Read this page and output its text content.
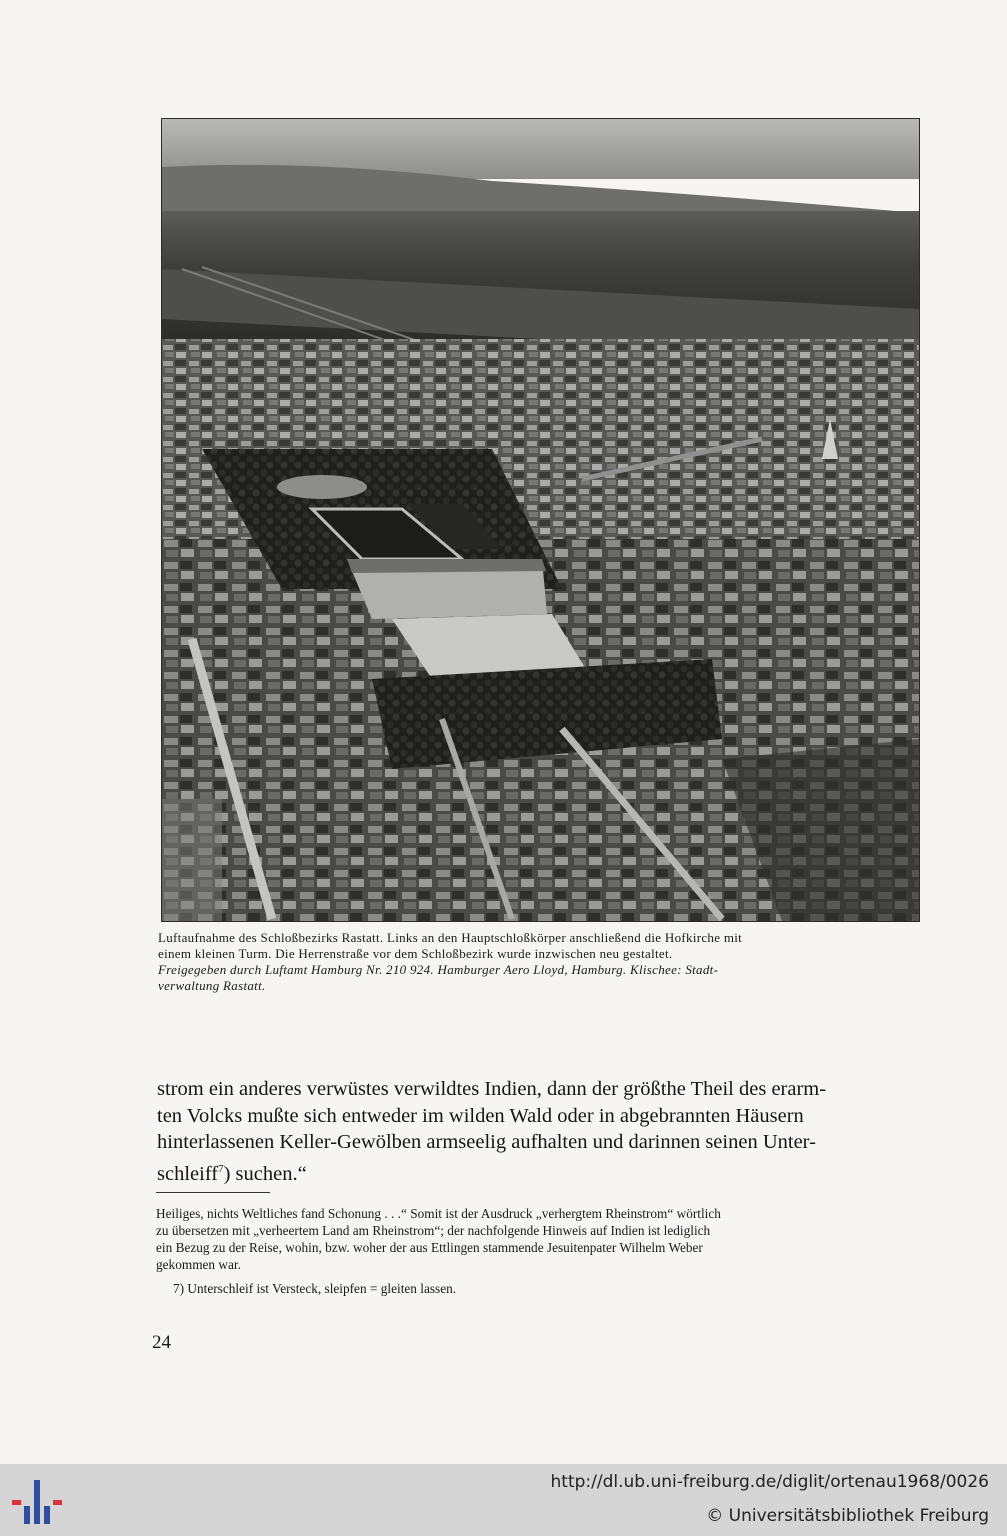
Luftaufnahme des Schloßbezirks Rastatt. Links an den Hauptschloßkörper anschließend die Hofkirche mit
einem kleinen Turm. Die Herrenstraße vor dem Schloßbezirk wurde inzwischen neu gestaltet.
Freigegeben durch Luftamt Hamburg Nr. 210 924. Hamburger Aero Lloyd, Hamburg. Klischee: Stadt-
verwaltung Rastatt.
strom ein anderes verwüstes verwildtes Indien, dann der größthe Theil des erarm-
ten Volcks mußte sich entweder im wilden Wald oder in abgebrannten Häusern
hinterlassenen Keller-Gewölben armseelig aufhalten und darinnen seinen Unter-
schleiff$^7$) suchen.“
Heiliges, nichts Weltliches fand Schonung . . .“ Somit ist der Ausdruck „verhergtem Rheinstrom“ wörtlich
zu übersetzen mit „verheertem Land am Rheinstrom“; der nachfolgende Hinweis auf Indien ist lediglich
ein Bezug zu der Reise, wohin, bzw. woher der aus Ettlingen stammende Jesuitenpater Wilhelm Weber
gekommen war.
7) Unterschleif ist Versteck, sleipfen = gleiten lassen.
24
http://dl.ub.uni-freiburg.de/diglit/ortenau1968/0026
© Universitätsbibliothek Freiburg
